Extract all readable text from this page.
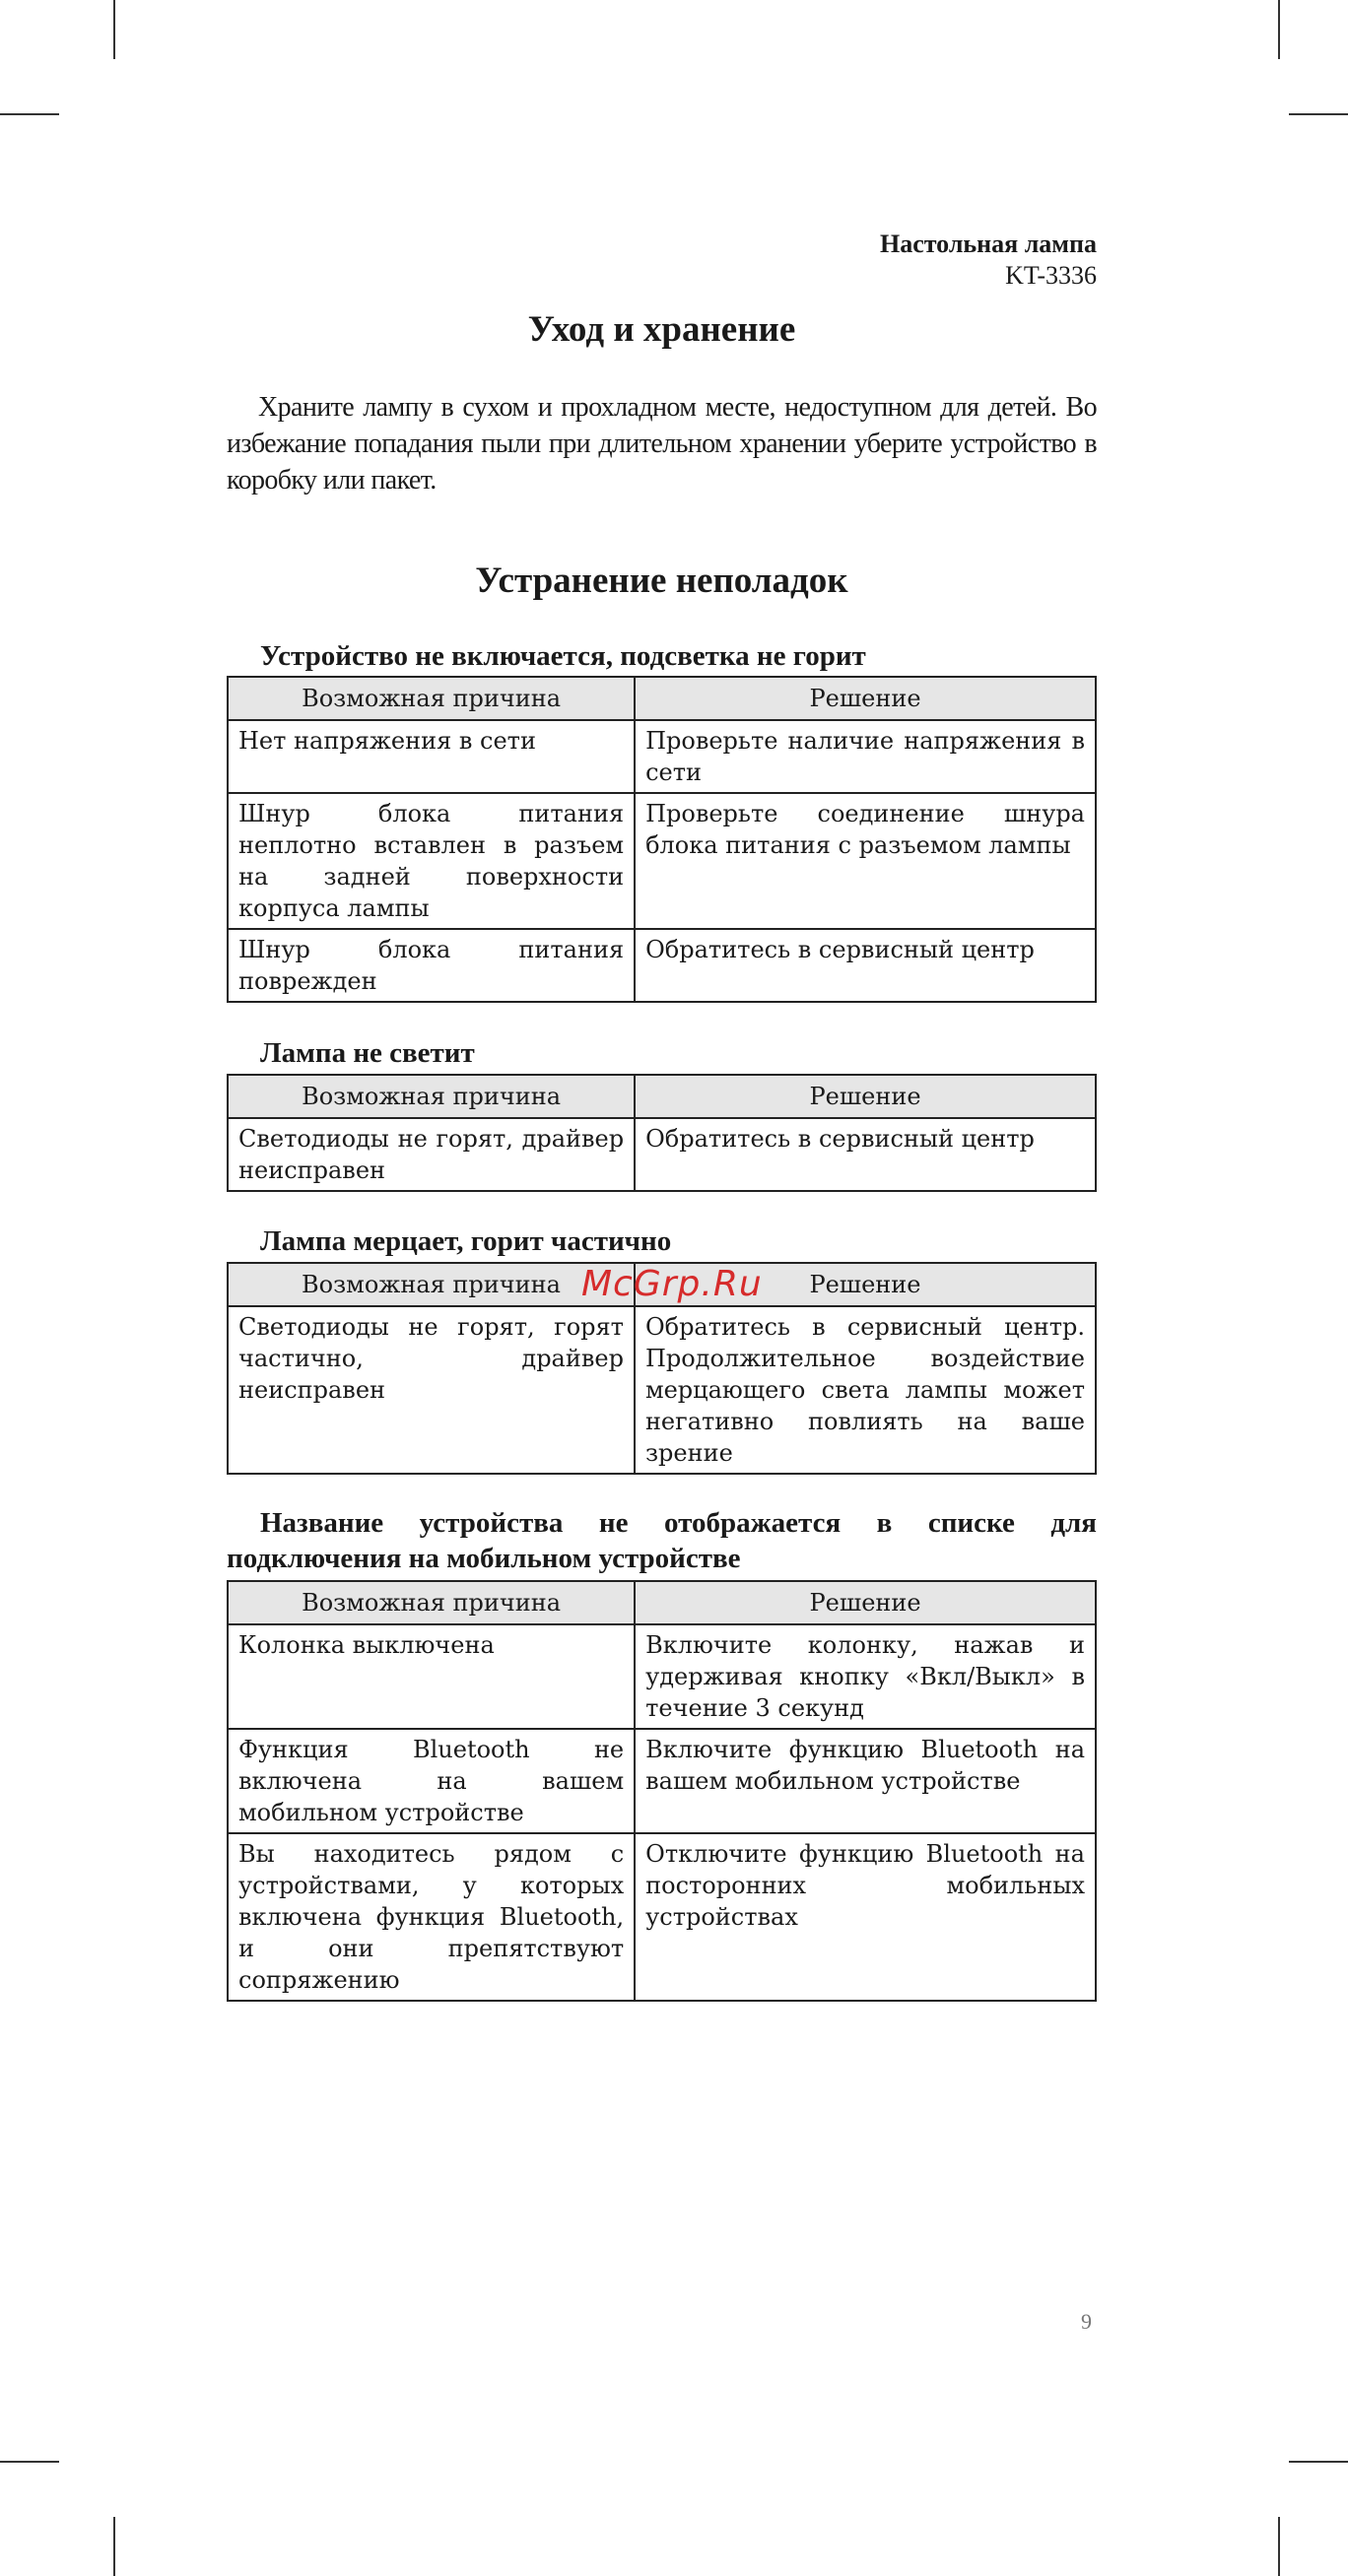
Настольная лампа
KT-3336
Уход и хранение

Храните лампу в сухом и прохладном месте, недоступном для детей. Во избежание попадания пыли при длительном хранении уберите устройство в коробку или пакет.

Устранение неполадок

Устройство не включается, подсветка не горит

Возможная причина	Решение
Нет напряжения в сети	Проверьте наличие напряжения в сети
Шнур блока питания неплотно вставлен в разъем на задней поверхности корпуса лампы	Проверьте соединение шнура блока питания с разъемом лампы
Шнур блока питания поврежден	Обратитесь в сервисный центр

Лампа не светит

Возможная причина	Решение
Светодиоды не горят, драйвер неисправен	Обратитесь в сервисный центр

Лампа мерцает, горит частично

Возможная причина	Решение
Светодиоды не горят, горят частично, драйвер неисправен	Обратитесь в сервисный центр. Продолжительное воздействие мерцающего света лампы может негативно повлиять на ваше зрение

Название устройства не отображается в списке для подключения на мобильном устройстве

Возможная причина	Решение
Колонка выключена	Включите колонку, нажав и удерживая кнопку «Вкл/Выкл» в течение 3 секунд
Функция Bluetooth не включена на вашем мобильном устройстве	Включите функцию Bluetooth на вашем мобильном устройстве
Вы находитесь рядом с устройствами, у которых включена функция Bluetooth, и они препятствуют сопряжению	Отключите функцию Bluetooth на посторонних мобильных устройствах
McGrp.Ru
9
